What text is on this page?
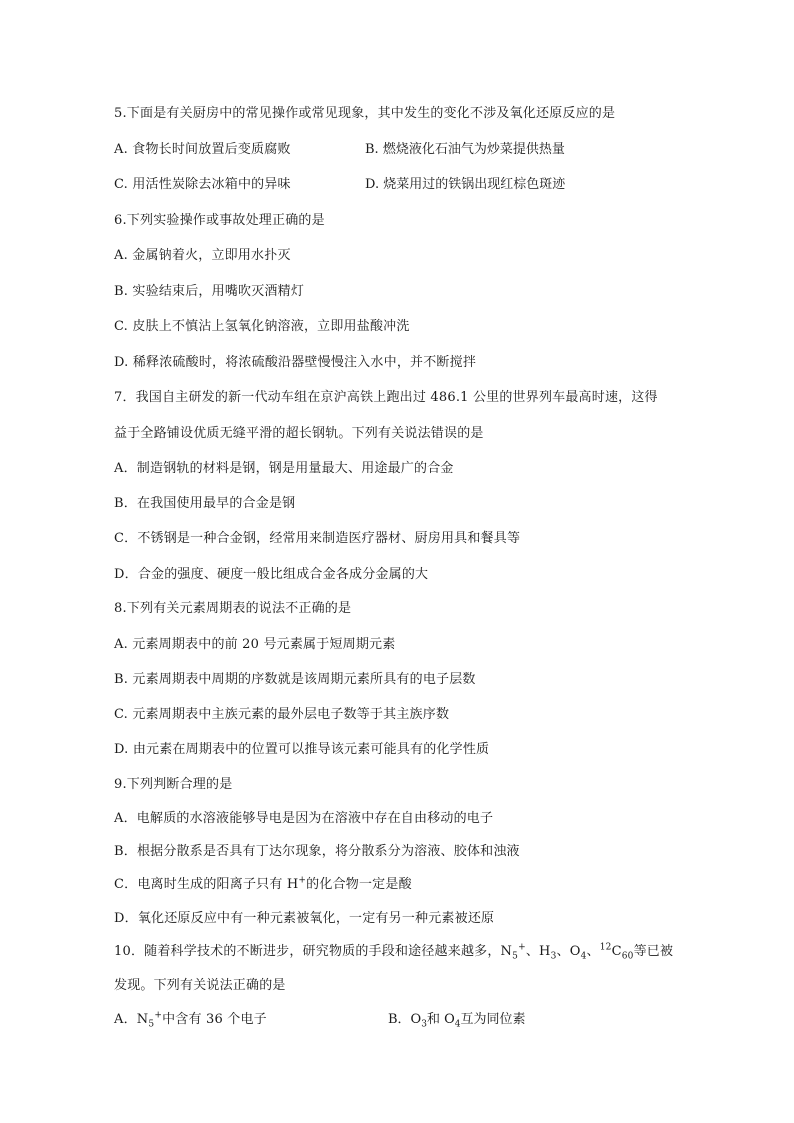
5.下面是有关厨房中的常见操作或常见现象，其中发生的变化不涉及氧化还原反应的是
A. 食物长时间放置后变质腐败	B. 燃烧液化石油气为炒菜提供热量
C. 用活性炭除去冰箱中的异味	D. 烧菜用过的铁锅出现红棕色斑迹
6.下列实验操作或事故处理正确的是
A. 金属钠着火，立即用水扑灭
B. 实验结束后，用嘴吹灭酒精灯
C. 皮肤上不慎沾上氢氧化钠溶液，立即用盐酸冲洗
D. 稀释浓硫酸时，将浓硫酸沿器壁慢慢注入水中，并不断搅拌
7．我国自主研发的新一代动车组在京沪高铁上跑出过 486.1 公里的世界列车最高时速，这得
益于全路铺设优质无缝平滑的超长钢轨。下列有关说法错误的是
A．制造钢轨的材料是钢，钢是用量最大、用途最广的合金
B．在我国使用最早的合金是钢
C．不锈钢是一种合金钢，经常用来制造医疗器材、厨房用具和餐具等
D．合金的强度、硬度一般比组成合金各成分金属的大
8.下列有关元素周期表的说法不正确的是
A. 元素周期表中的前 20 号元素属于短周期元素
B. 元素周期表中周期的序数就是该周期元素所具有的电子层数
C. 元素周期表中主族元素的最外层电子数等于其主族序数
D. 由元素在周期表中的位置可以推导该元素可能具有的化学性质
9.下列判断合理的是
A．电解质的水溶液能够导电是因为在溶液中存在自由移动的电子
B．根据分散系是否具有丁达尔现象，将分散系分为溶液、胶体和浊液
C．电离时生成的阳离子只有 H+的化合物一定是酸
D．氧化还原反应中有一种元素被氧化，一定有另一种元素被还原
10．随着科学技术的不断进步，研究物质的手段和途径越来越多，$N_5^+$、$H_3$、$O_4$、$^{12}C_{60}$等已被
发现。下列有关说法正确的是
A．$N_5^+$中含有 36 个电子	B．$O_3$和 $O_4$互为同位素
